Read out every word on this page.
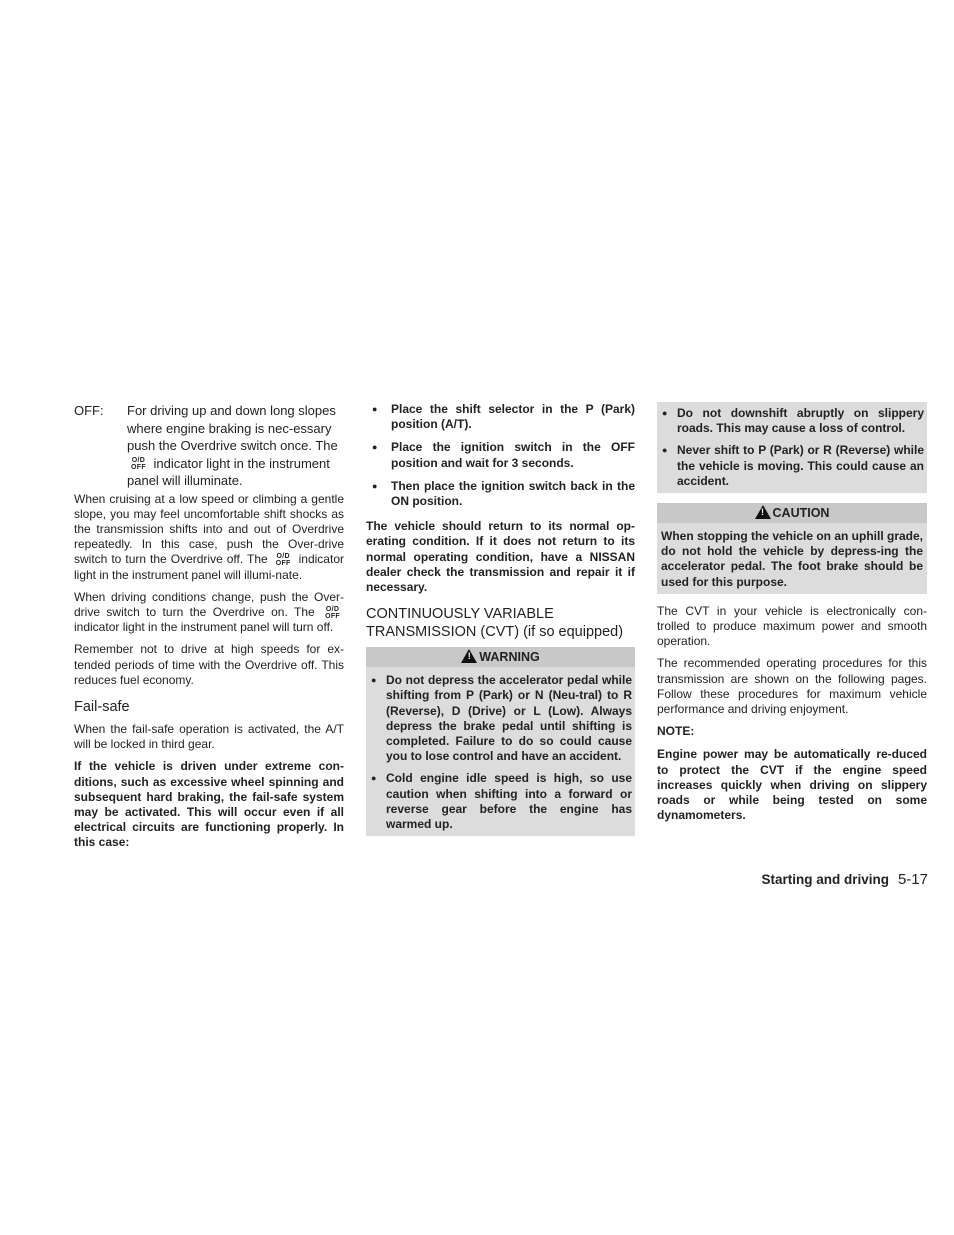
OFF:	For driving up and down long slopes where engine braking is nec-essary push the Overdrive switch once. The O/D
OFF indicator light in the instrument panel will illuminate.

When cruising at a low speed or climbing a gentle slope, you may feel uncomfortable shift shocks as the transmission shifts into and out of Overdrive repeatedly. In this case, push the Over-drive switch to turn the Overdrive off. The O/D
OFF indicator light in the instrument panel will illumi-nate.

When driving conditions change, push the Over-drive switch to turn the Overdrive on. The O/D
OFF indicator light in the instrument panel will turn off.

Remember not to drive at high speeds for ex-tended periods of time with the Overdrive off. This reduces fuel economy.

Fail-safe

When the fail-safe operation is activated, the A/T will be locked in third gear.

If the vehicle is driven under extreme con-ditions, such as excessive wheel spinning and subsequent hard braking, the fail-safe system may be activated. This will occur even if all electrical circuits are functioning properly. In this case:

● Place the shift selector in the P (Park) position (A/T).
● Place the ignition switch in the OFF position and wait for 3 seconds.
● Then place the ignition switch back in the ON position.

The vehicle should return to its normal op-erating condition. If it does not return to its normal operating condition, have a NISSAN dealer check the transmission and repair it if necessary.

CONTINUOUSLY VARIABLE TRANSMISSION (CVT) (if so equipped)
! WARNING
● Do not depress the accelerator pedal while shifting from P (Park) or N (Neu-tral) to R (Reverse), D (Drive) or L (Low). Always depress the brake pedal until shifting is completed. Failure to do so could cause you to lose control and have an accident.
● Cold engine idle speed is high, so use caution when shifting into a forward or reverse gear before the engine has warmed up.
● Do not downshift abruptly on slippery roads. This may cause a loss of control.
● Never shift to P (Park) or R (Reverse) while the vehicle is moving. This could cause an accident.
! CAUTION
When stopping the vehicle on an uphill grade, do not hold the vehicle by depress-ing the accelerator pedal. The foot brake should be used for this purpose.

The CVT in your vehicle is electronically con-trolled to produce maximum power and smooth operation.

The recommended operating procedures for this transmission are shown on the following pages. Follow these procedures for maximum vehicle performance and driving enjoyment.

NOTE:

Engine power may be automatically re-duced to protect the CVT if the engine speed increases quickly when driving on slippery roads or while being tested on some dynamometers.

Starting and driving 5-17
